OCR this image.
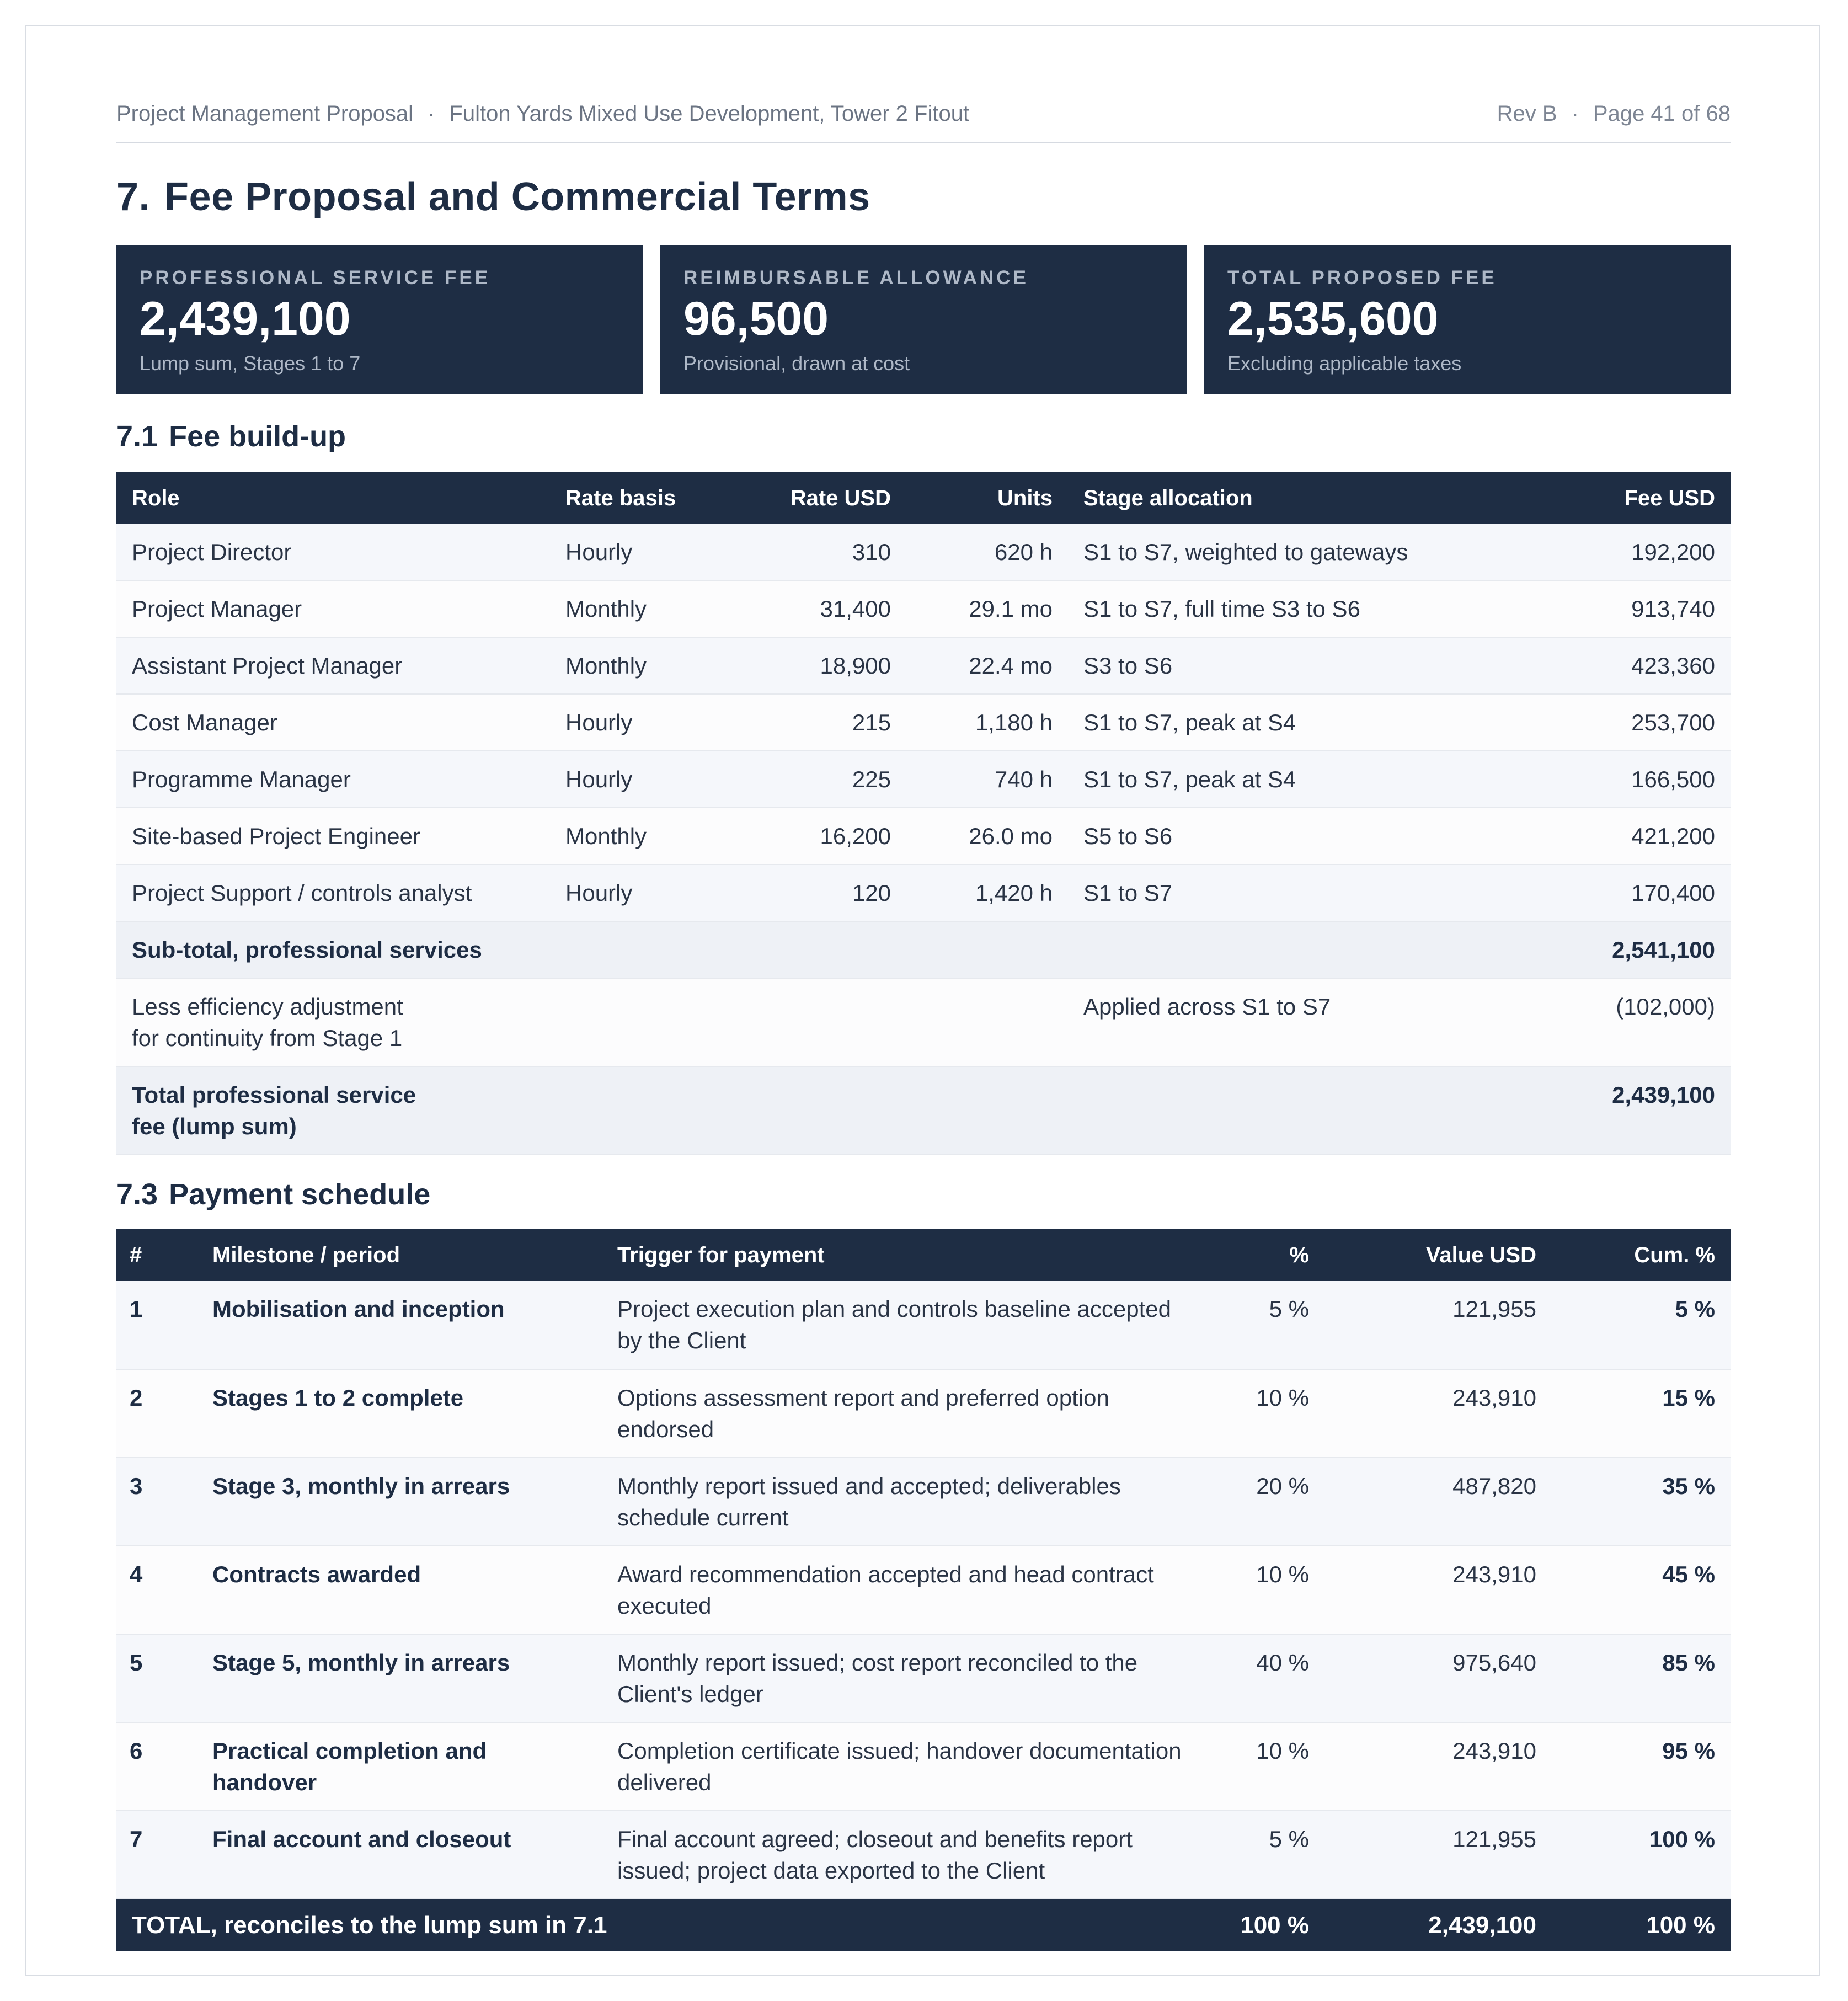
Project Management Proposal · Fulton Yards Mixed Use Development, Tower 2 Fitout	Rev B · Page 41 of 68
7. Fee Proposal and Commercial Terms
PROFESSIONAL SERVICE FEE
2,439,100
Lump sum, Stages 1 to 7
REIMBURSABLE ALLOWANCE
96,500
Provisional, drawn at cost
TOTAL PROPOSED FEE
2,535,600
Excluding applicable taxes
7.1 Fee build-up
Role	Rate basis	Rate USD	Units	Stage allocation	Fee USD
Project Director	Hourly	310	620 h	S1 to S7, weighted to gateways	192,200
Project Manager	Monthly	31,400	29.1 mo	S1 to S7, full time S3 to S6	913,740
Assistant Project Manager	Monthly	18,900	22.4 mo	S3 to S6	423,360
Cost Manager	Hourly	215	1,180 h	S1 to S7, peak at S4	253,700
Programme Manager	Hourly	225	740 h	S1 to S7, peak at S4	166,500
Site-based Project Engineer	Monthly	16,200	26.0 mo	S5 to S6	421,200
Project Support / controls analyst	Hourly	120	1,420 h	S1 to S7	170,400
Sub-total, professional services					2,541,100
Less efficiency adjustment for continuity from Stage 1				Applied across S1 to S7	(102,000)
Total professional service fee (lump sum)					2,439,100
7.3 Payment schedule
#	Milestone / period	Trigger for payment	%	Value USD	Cum. %
1	Mobilisation and inception	Project execution plan and controls baseline accepted by the Client	5 %	121,955	5 %
2	Stages 1 to 2 complete	Options assessment report and preferred option endorsed	10 %	243,910	15 %
3	Stage 3, monthly in arrears	Monthly report issued and accepted; deliverables schedule current	20 %	487,820	35 %
4	Contracts awarded	Award recommendation accepted and head contract executed	10 %	243,910	45 %
5	Stage 5, monthly in arrears	Monthly report issued; cost report reconciled to the Client's ledger	40 %	975,640	85 %
6	Practical completion and handover	Completion certificate issued; handover documentation delivered	10 %	243,910	95 %
7	Final account and closeout	Final account agreed; closeout and benefits report issued; project data exported to the Client	5 %	121,955	100 %
TOTAL, reconciles to the lump sum in 7.1			100 %	2,439,100	100 %
